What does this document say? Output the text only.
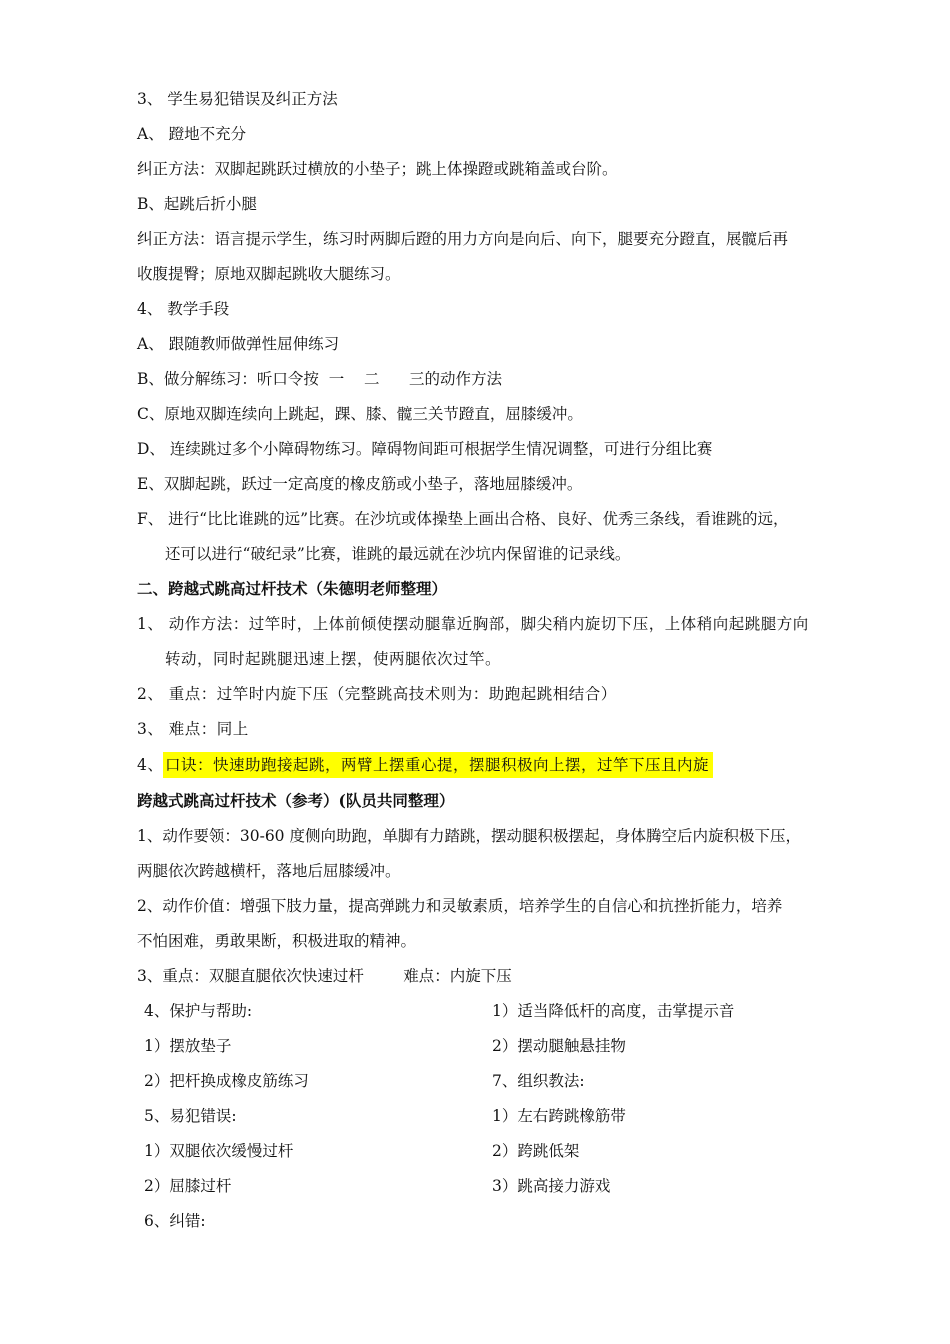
3、 学生易犯错误及纠正方法
A、 蹬地不充分
纠正方法：双脚起跳跃过横放的小垫子；跳上体操蹬或跳箱盖或台阶。
B、起跳后折小腿
纠正方法：语言提示学生，练习时两脚后蹬的用力方向是向后、向下，腿要充分蹬直，展髋后再
收腹提臀；原地双脚起跳收大腿练习。
4、 教学手段
A、 跟随教师做弹性屈伸练习
B、做分解练习：听口令按  一    二      三的动作方法
C、原地双脚连续向上跳起，踝、膝、髋三关节蹬直，屈膝缓冲。
D、 连续跳过多个小障碍物练习。障碍物间距可根据学生情况调整，可进行分组比赛
E、双脚起跳，跃过一定高度的橡皮筋或小垫子，落地屈膝缓冲。
F、 进行“比比谁跳的远”比赛。在沙坑或体操垫上画出合格、良好、优秀三条线，看谁跳的远，
还可以进行“破纪录”比赛，谁跳的最远就在沙坑内保留谁的记录线。
二、跨越式跳高过杆技术（朱德明老师整理）
1、 动作方法：过竿时，上体前倾使摆动腿靠近胸部，脚尖稍内旋切下压，上体稍向起跳腿方向
转动，同时起跳腿迅速上摆，使两腿依次过竿。
2、 重点：过竿时内旋下压（完整跳高技术则为：助跑起跳相结合）
3、 难点：同上
4、 口诀：快速助跑接起跳，两臂上摆重心提，摆腿积极向上摆，过竿下压且内旋
跨越式跳高过杆技术（参考）(队员共同整理）
1、动作要领：30-60 度侧向助跑，单脚有力踏跳，摆动腿积极摆起，身体腾空后内旋积极下压，
两腿依次跨越横杆，落地后屈膝缓冲。
2、动作价值：增强下肢力量，提高弹跳力和灵敏素质，培养学生的自信心和抗挫折能力，培养
不怕困难，勇敢果断，积极进取的精神。
3、重点：双腿直腿依次快速过杆        难点：内旋下压
4、保护与帮助:
1）摆放垫子
2）把杆换成橡皮筋练习
5、易犯错误:
1）双腿依次缓慢过杆
2）屈膝过杆
6、纠错:
1）适当降低杆的高度，击掌提示音
2）摆动腿触悬挂物
7、组织教法:
1）左右跨跳橡筋带
2）跨跳低架
3）跳高接力游戏
